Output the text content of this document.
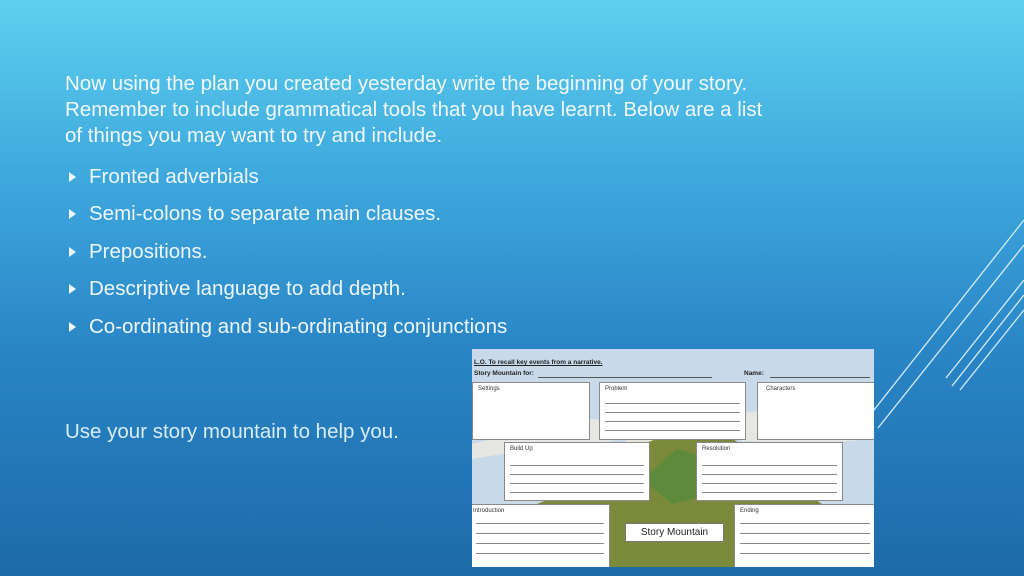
Now using the plan you created yesterday write the beginning of your story. Remember to include grammatical tools that you have learnt. Below are a list of things you may want to try and include.

Fronted adverbials
Semi-colons to separate main clauses.
Prepositions.
Descriptive language to add depth.
Co-ordinating and sub-ordinating conjunctions

Use your story mountain to help you.

L.O. To recall key events from a narrative.
Story Mountain for:	Name:
Settings	Problem	Characters
Build Up	Resolution
Introduction	Ending
Story Mountain
